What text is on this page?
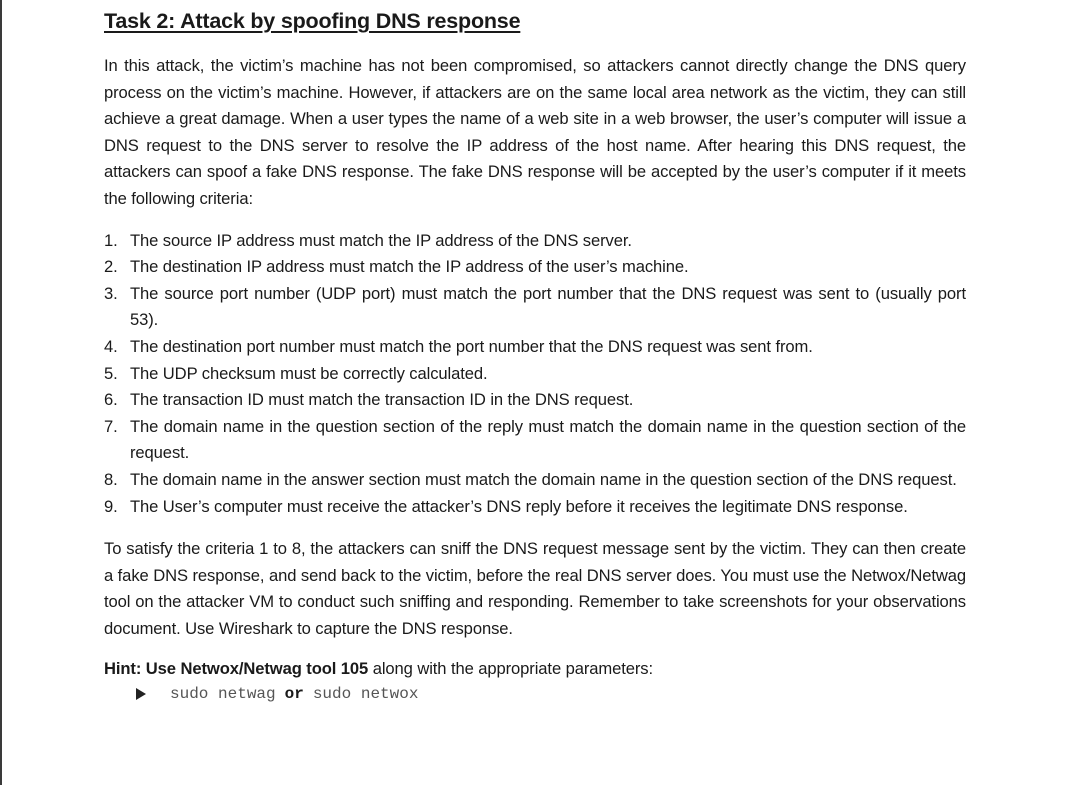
Task 2: Attack by spoofing DNS response

In this attack, the victim’s machine has not been compromised, so attackers cannot directly change the DNS query process on the victim’s machine. However, if attackers are on the same local area network as the victim, they can still achieve a great damage. When a user types the name of a web site in a web browser, the user’s computer will issue a DNS request to the DNS server to resolve the IP address of the host name. After hearing this DNS request, the attackers can spoof a fake DNS response. The fake DNS response will be accepted by the user’s computer if it meets the following criteria:

1. The source IP address must match the IP address of the DNS server.
2. The destination IP address must match the IP address of the user’s machine.
3. The source port number (UDP port) must match the port number that the DNS request was sent to (usually port 53).
4. The destination port number must match the port number that the DNS request was sent from.
5. The UDP checksum must be correctly calculated.
6. The transaction ID must match the transaction ID in the DNS request.
7. The domain name in the question section of the reply must match the domain name in the question section of the request.
8. The domain name in the answer section must match the domain name in the question section of the DNS request.
9. The User’s computer must receive the attacker’s DNS reply before it receives the legitimate DNS response.

To satisfy the criteria 1 to 8, the attackers can sniff the DNS request message sent by the victim. They can then create a fake DNS response, and send back to the victim, before the real DNS server does. You must use the Netwox/Netwag tool on the attacker VM to conduct such sniffing and responding. Remember to take screenshots for your observations document. Use Wireshark to capture the DNS response.

Hint: Use Netwox/Netwag tool 105 along with the appropriate parameters:
sudo netwag or sudo netwox
